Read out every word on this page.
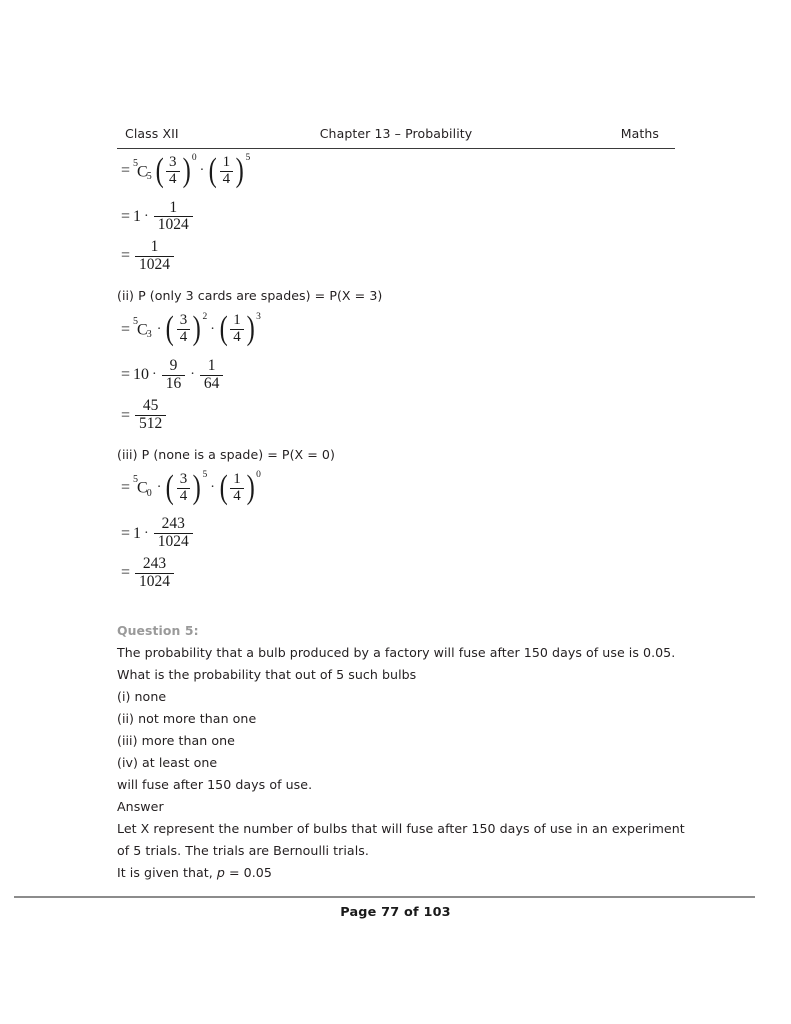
Class XII	Chapter 13 – Probability	Maths
= $^5$C5 ( $\frac{3}{4}$ ) 0
· ( $\frac{1}{4}$ ) 5
= $1 \cdot \frac{1}{1024}$
= $\frac{1}{1024}$
(ii) P (only 3 cards are spades) = P(X = 3)
= $^5$C3 · ( $\frac{3}{4}$ ) 2
· ( $\frac{1}{4}$ ) 3
= $10 \cdot \frac{9}{16} \cdot \frac{1}{64}$
= $\frac{45}{512}$
(iii) P (none is a spade) = P(X = 0)
= $^5$C0 · ( $\frac{3}{4}$ ) 5
· ( $\frac{1}{4}$ ) 0
= $1 \cdot \frac{243}{1024}$
= $\frac{243}{1024}$
Question 5:
The probability that a bulb produced by a factory will fuse after 150 days of use is 0.05.
What is the probability that out of 5 such bulbs
(i) none
(ii) not more than one
(iii) more than one
(iv) at least one
will fuse after 150 days of use.
Answer
Let X represent the number of bulbs that will fuse after 150 days of use in an experiment
of 5 trials. The trials are Bernoulli trials.
It is given that, p = 0.05
Page 77 of 103
